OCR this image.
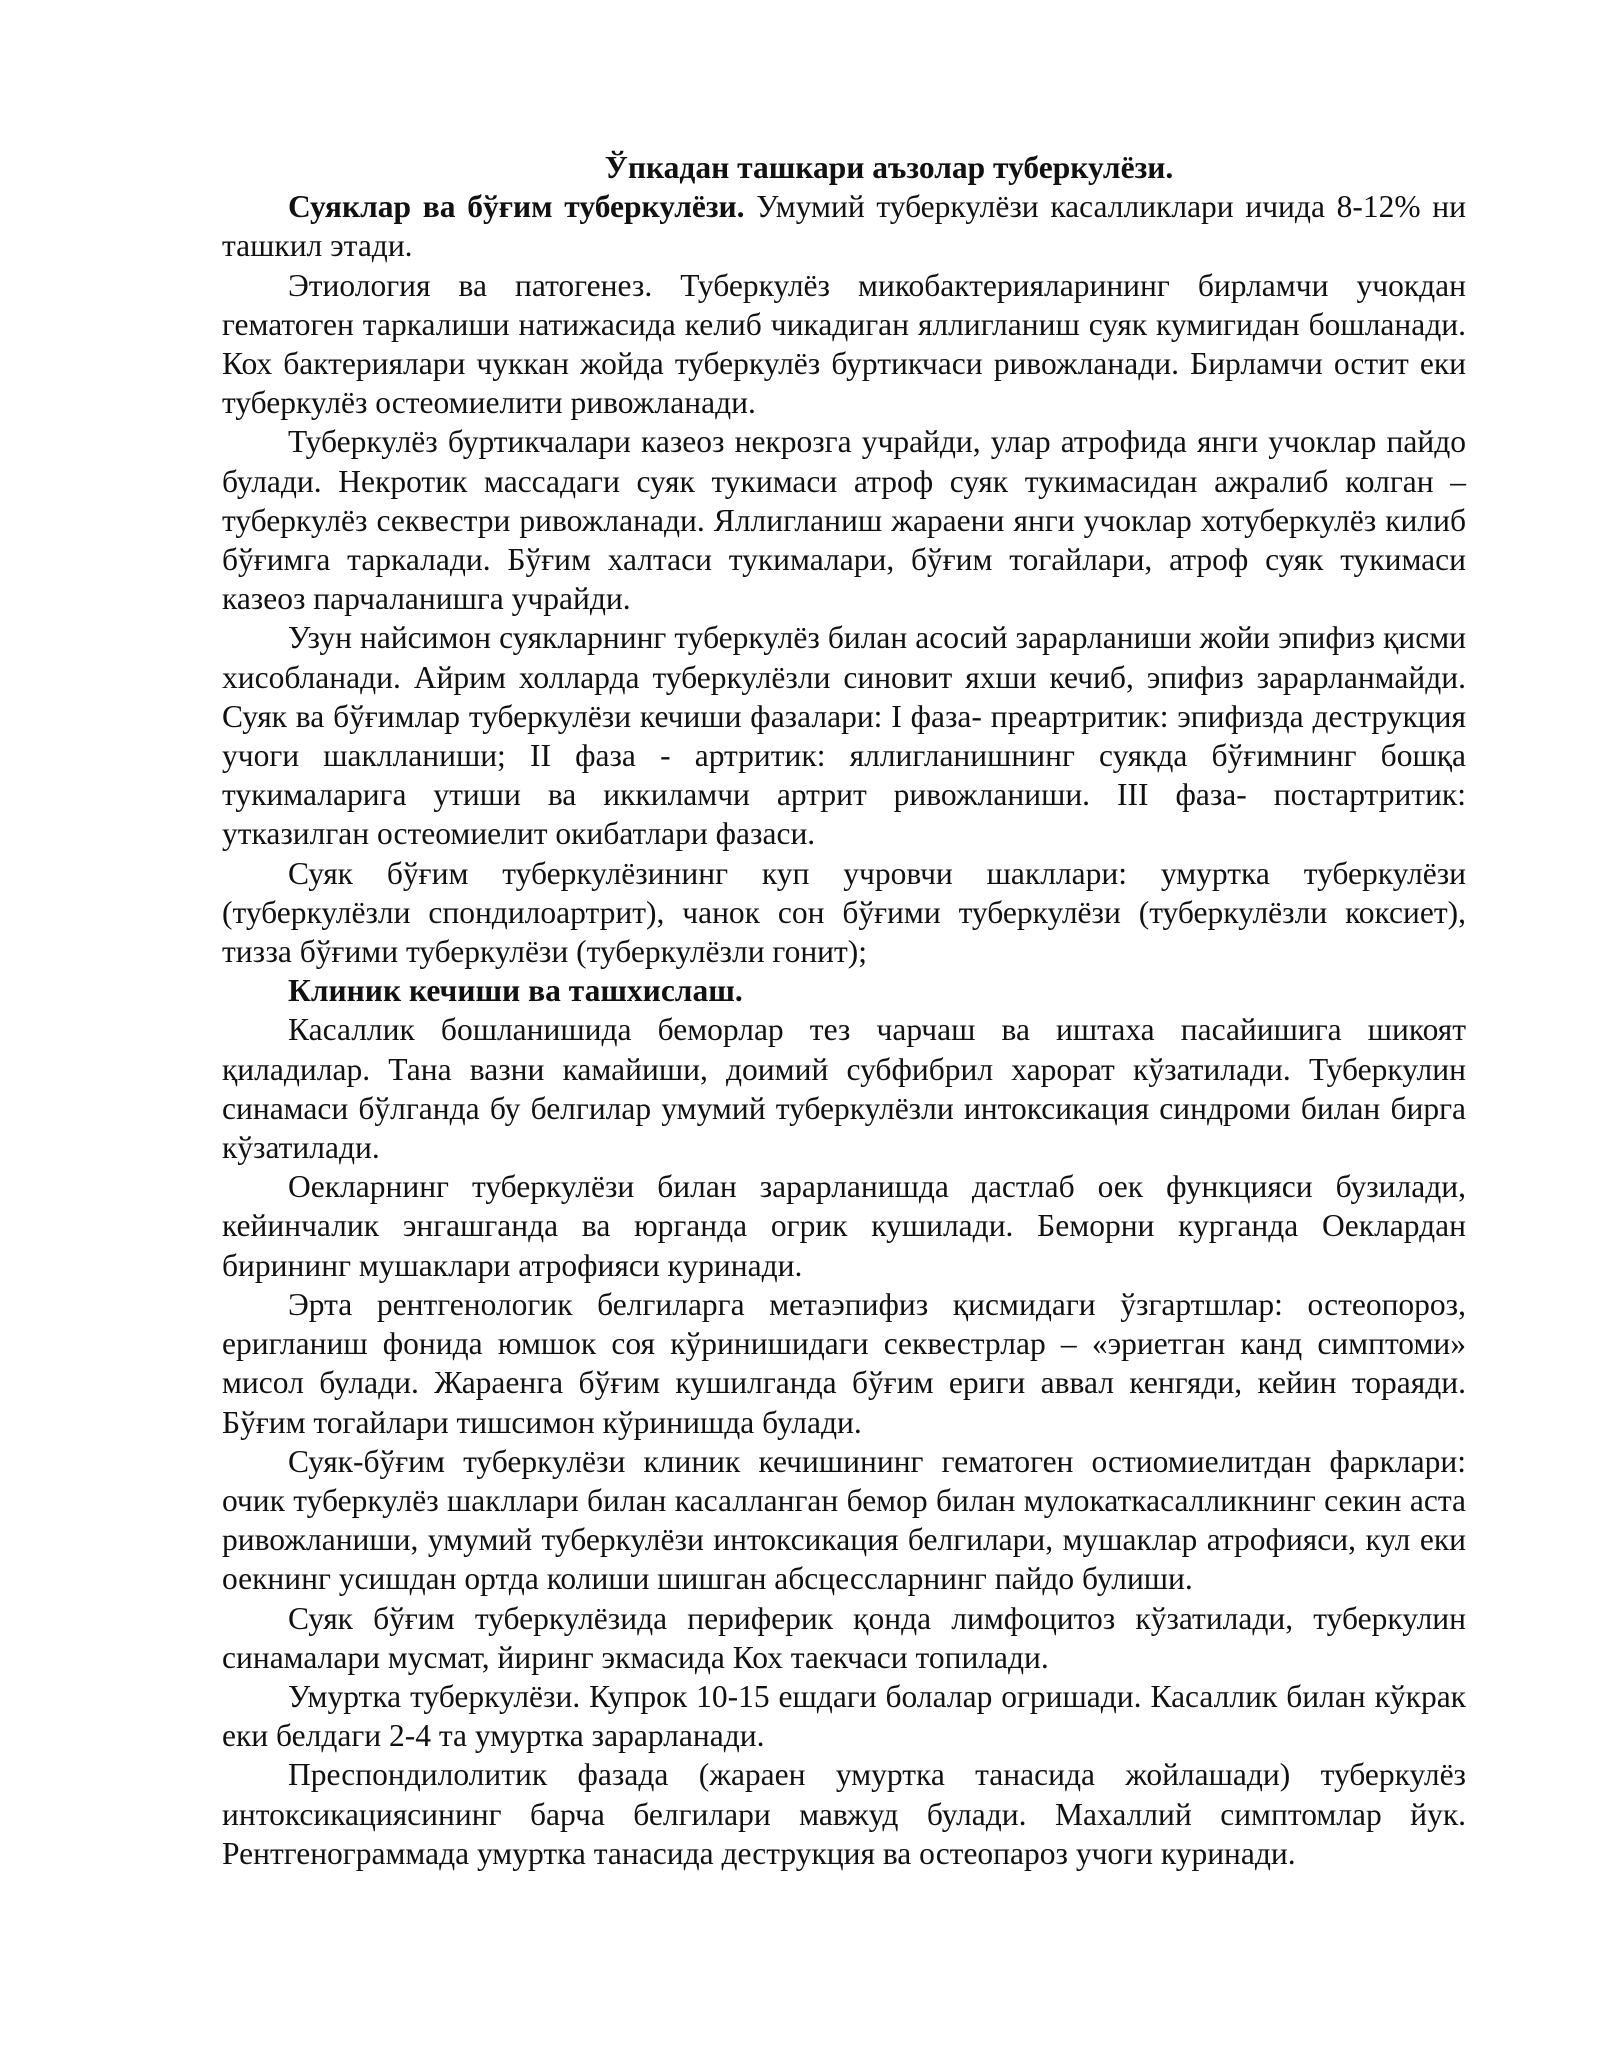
Ўпкадан ташкари аъзолар туберкулёзи.

Суяклар ва бўғим туберкулёзи. Умумий туберкулёзи касалликлари ичида 8-12% ни ташкил этади.

Этиология ва патогенез. Туберкулёз микобактерияларининг бирламчи учокдан гематоген таркалиши натижасида келиб чикадиган яллигланиш суяк кумигидан бошланади. Кох бактериялари чуккан жойда туберкулёз буртикчаси ривожланади. Бирламчи остит еки туберкулёз остеомиелити ривожланади.

Туберкулёз буртикчалари казеоз некрозга учрайди, улар атрофида янги учоклар пайдо булади. Некротик массадаги суяк тукимаси атроф суяк тукимасидан ажралиб колган – туберкулёз секвестри ривожланади. Яллигланиш жараени янги учоклар хотуберкулёз килиб бўғимга таркалади. Бўғим халтаси тукималари, бўғим тогайлари, атроф суяк тукимаси казеоз парчаланишга учрайди.

Узун найсимон суякларнинг туберкулёз билан асосий зарарланиши жойи эпифиз қисми хисобланади. Айрим холларда туберкулёзли синовит яхши кечиб, эпифиз зарарланмайди. Суяк ва бўғимлар туберкулёзи кечиши фазалари: I фаза- преартритик: эпифизда деструкция учоги шаклланиши; II фаза - артритик: яллигланишнинг суякда бўғимнинг бошқа тукималарига утиши ва иккиламчи артрит ривожланиши. III фаза- постартритик: утказилган остеомиелит окибатлари фазаси.

Суяк бўғим туберкулёзининг куп учровчи шакллари: умуртка туберкулёзи (туберкулёзли спондилоартрит), чанок сон бўғими туберкулёзи (туберкулёзли коксиет), тизза бўғими туберкулёзи (туберкулёзли гонит);

Клиник кечиши ва ташхислаш.

Касаллик бошланишида беморлар тез чарчаш ва иштаха пасайишига шикоят қиладилар. Тана вазни камайиши, доимий субфибрил харорат кўзатилади. Туберкулин синамаси бўлганда бу белгилар умумий туберкулёзли интоксикация синдроми билан бирга кўзатилади.

Оекларнинг туберкулёзи билан зарарланишда дастлаб оек функцияси бузилади, кейинчалик энгашганда ва юрганда огрик кушилади. Беморни курганда Оеклардан бирининг мушаклари атрофияси куринади.

Эрта рентгенологик белгиларга метаэпифиз қисмидаги ўзгартшлар: остеопороз, еригланиш фонида юмшок соя кўринишидаги секвестрлар – «эриетган канд симптоми» мисол булади. Жараенга бўғим кушилганда бўғим ериги аввал кенгяди, кейин тораяди. Бўғим тогайлари тишсимон кўринишда булади.

Суяк-бўғим туберкулёзи клиник кечишининг гематоген остиомиелитдан фарклари: очик туберкулёз шакллари билан касалланган бемор билан мулокаткасалликнинг секин аста ривожланиши, умумий туберкулёзи интоксикация белгилари, мушаклар атрофияси, кул еки оекнинг усишдан ортда колиши шишган абсцессларнинг пайдо булиши.

Суяк бўғим туберкулёзида периферик қонда лимфоцитоз кўзатилади, туберкулин синамалари мусмат, йиринг экмасида Кох таекчаси топилади.

Умуртка туберкулёзи. Купрок 10-15 ешдаги болалар огришади. Касаллик билан кўкрак еки белдаги 2-4 та умуртка зарарланади.

Преспондилолитик фазада (жараен умуртка танасида жойлашади) туберкулёз интоксикациясининг барча белгилари мавжуд булади. Махаллий симптомлар йук. Рентгенограммада умуртка танасида деструкция ва остеопароз учоги куринади.
